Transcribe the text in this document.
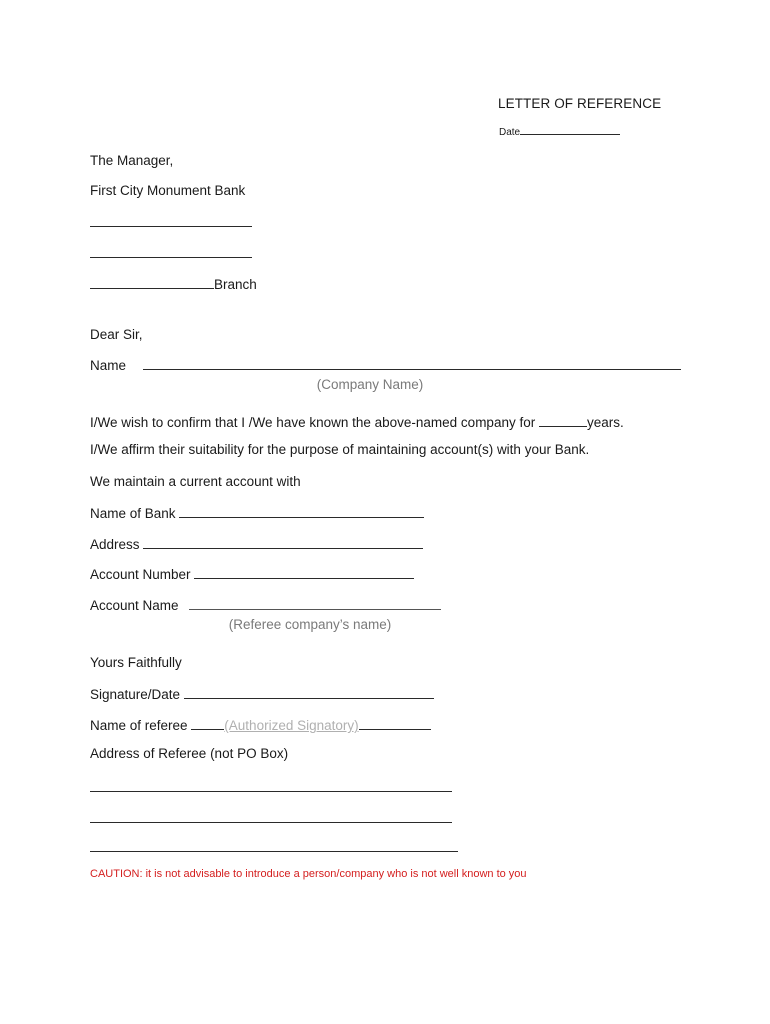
LETTER OF REFERENCE
Date
The Manager,
First City Monument Bank
Branch
Dear Sir,
Name
(Company Name)
I/We wish to confirm that I /We have known the above-named company for	years.
I/We affirm their suitability for the purpose of maintaining account(s) with your Bank.
We maintain a current account with
Name of Bank
Address
Account Number
Account Name
(Referee company’s name)
Yours Faithfully
Signature/Date
Name of referee (Authorized Signatory)
Address of Referee (not PO Box)
CAUTION: it is not advisable to introduce a person/company who is not well known to you
